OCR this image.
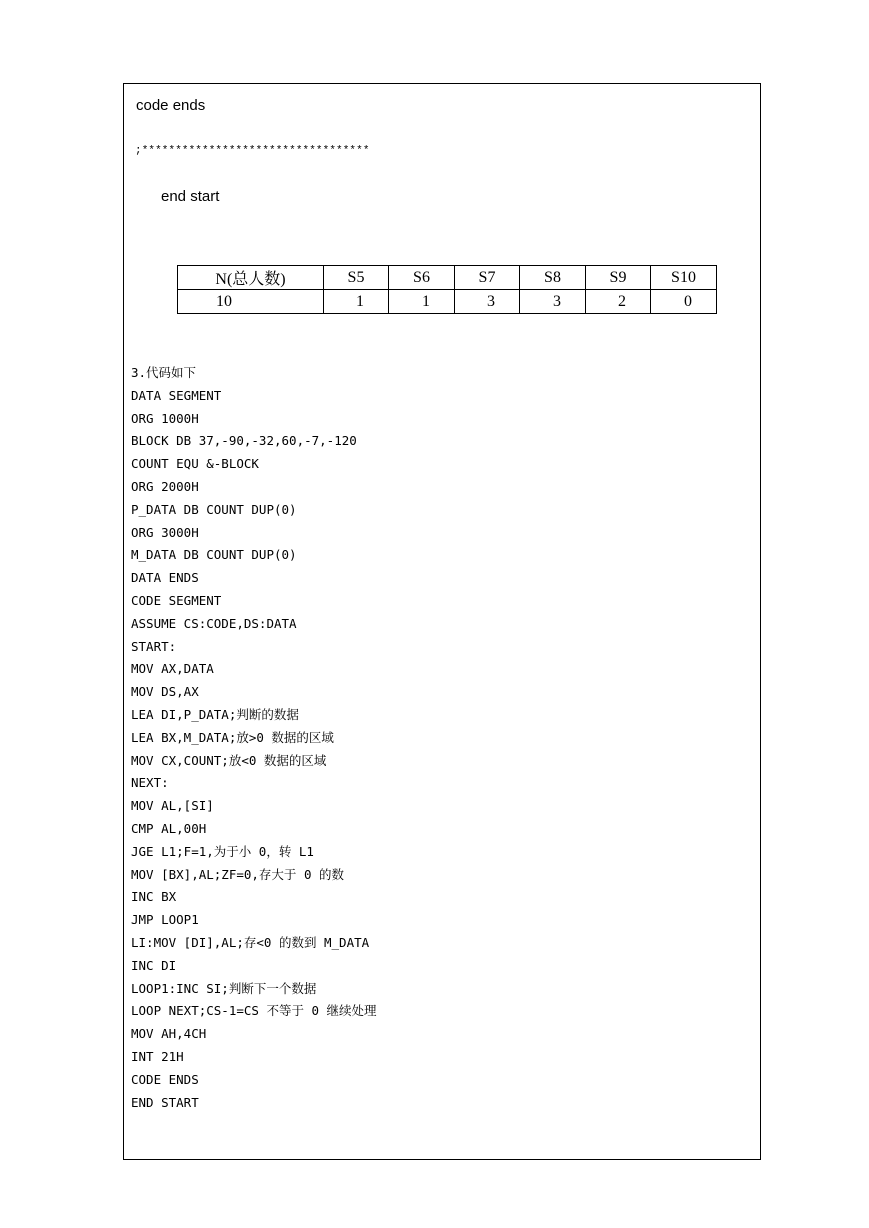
code ends
;**********************************
end start
N(总人数)	S5	S6	S7	S8	S9	S10
10	1	1	3	3	2	0
3.代码如下
DATA SEGMENT
ORG 1000H
BLOCK DB 37,-90,-32,60,-7,-120
COUNT EQU &-BLOCK
ORG 2000H
P_DATA DB COUNT DUP(0)
ORG 3000H
M_DATA DB COUNT DUP(0)
DATA ENDS
CODE SEGMENT
ASSUME CS:CODE,DS:DATA
START:
MOV AX,DATA
MOV DS,AX
LEA DI,P_DATA;判断的数据
LEA BX,M_DATA;放>0 数据的区域
MOV CX,COUNT;放<0 数据的区域
NEXT:
MOV AL,[SI]
CMP AL,00H
JGE L1;F=1,为于小 0，转 L1
MOV [BX],AL;ZF=0,存大于 0 的数
INC BX
JMP LOOP1
LI:MOV [DI],AL;存<0 的数到 M_DATA
INC DI
LOOP1:INC SI;判断下一个数据
LOOP NEXT;CS-1=CS 不等于 0 继续处理
MOV AH,4CH
INT 21H
CODE ENDS
END START
